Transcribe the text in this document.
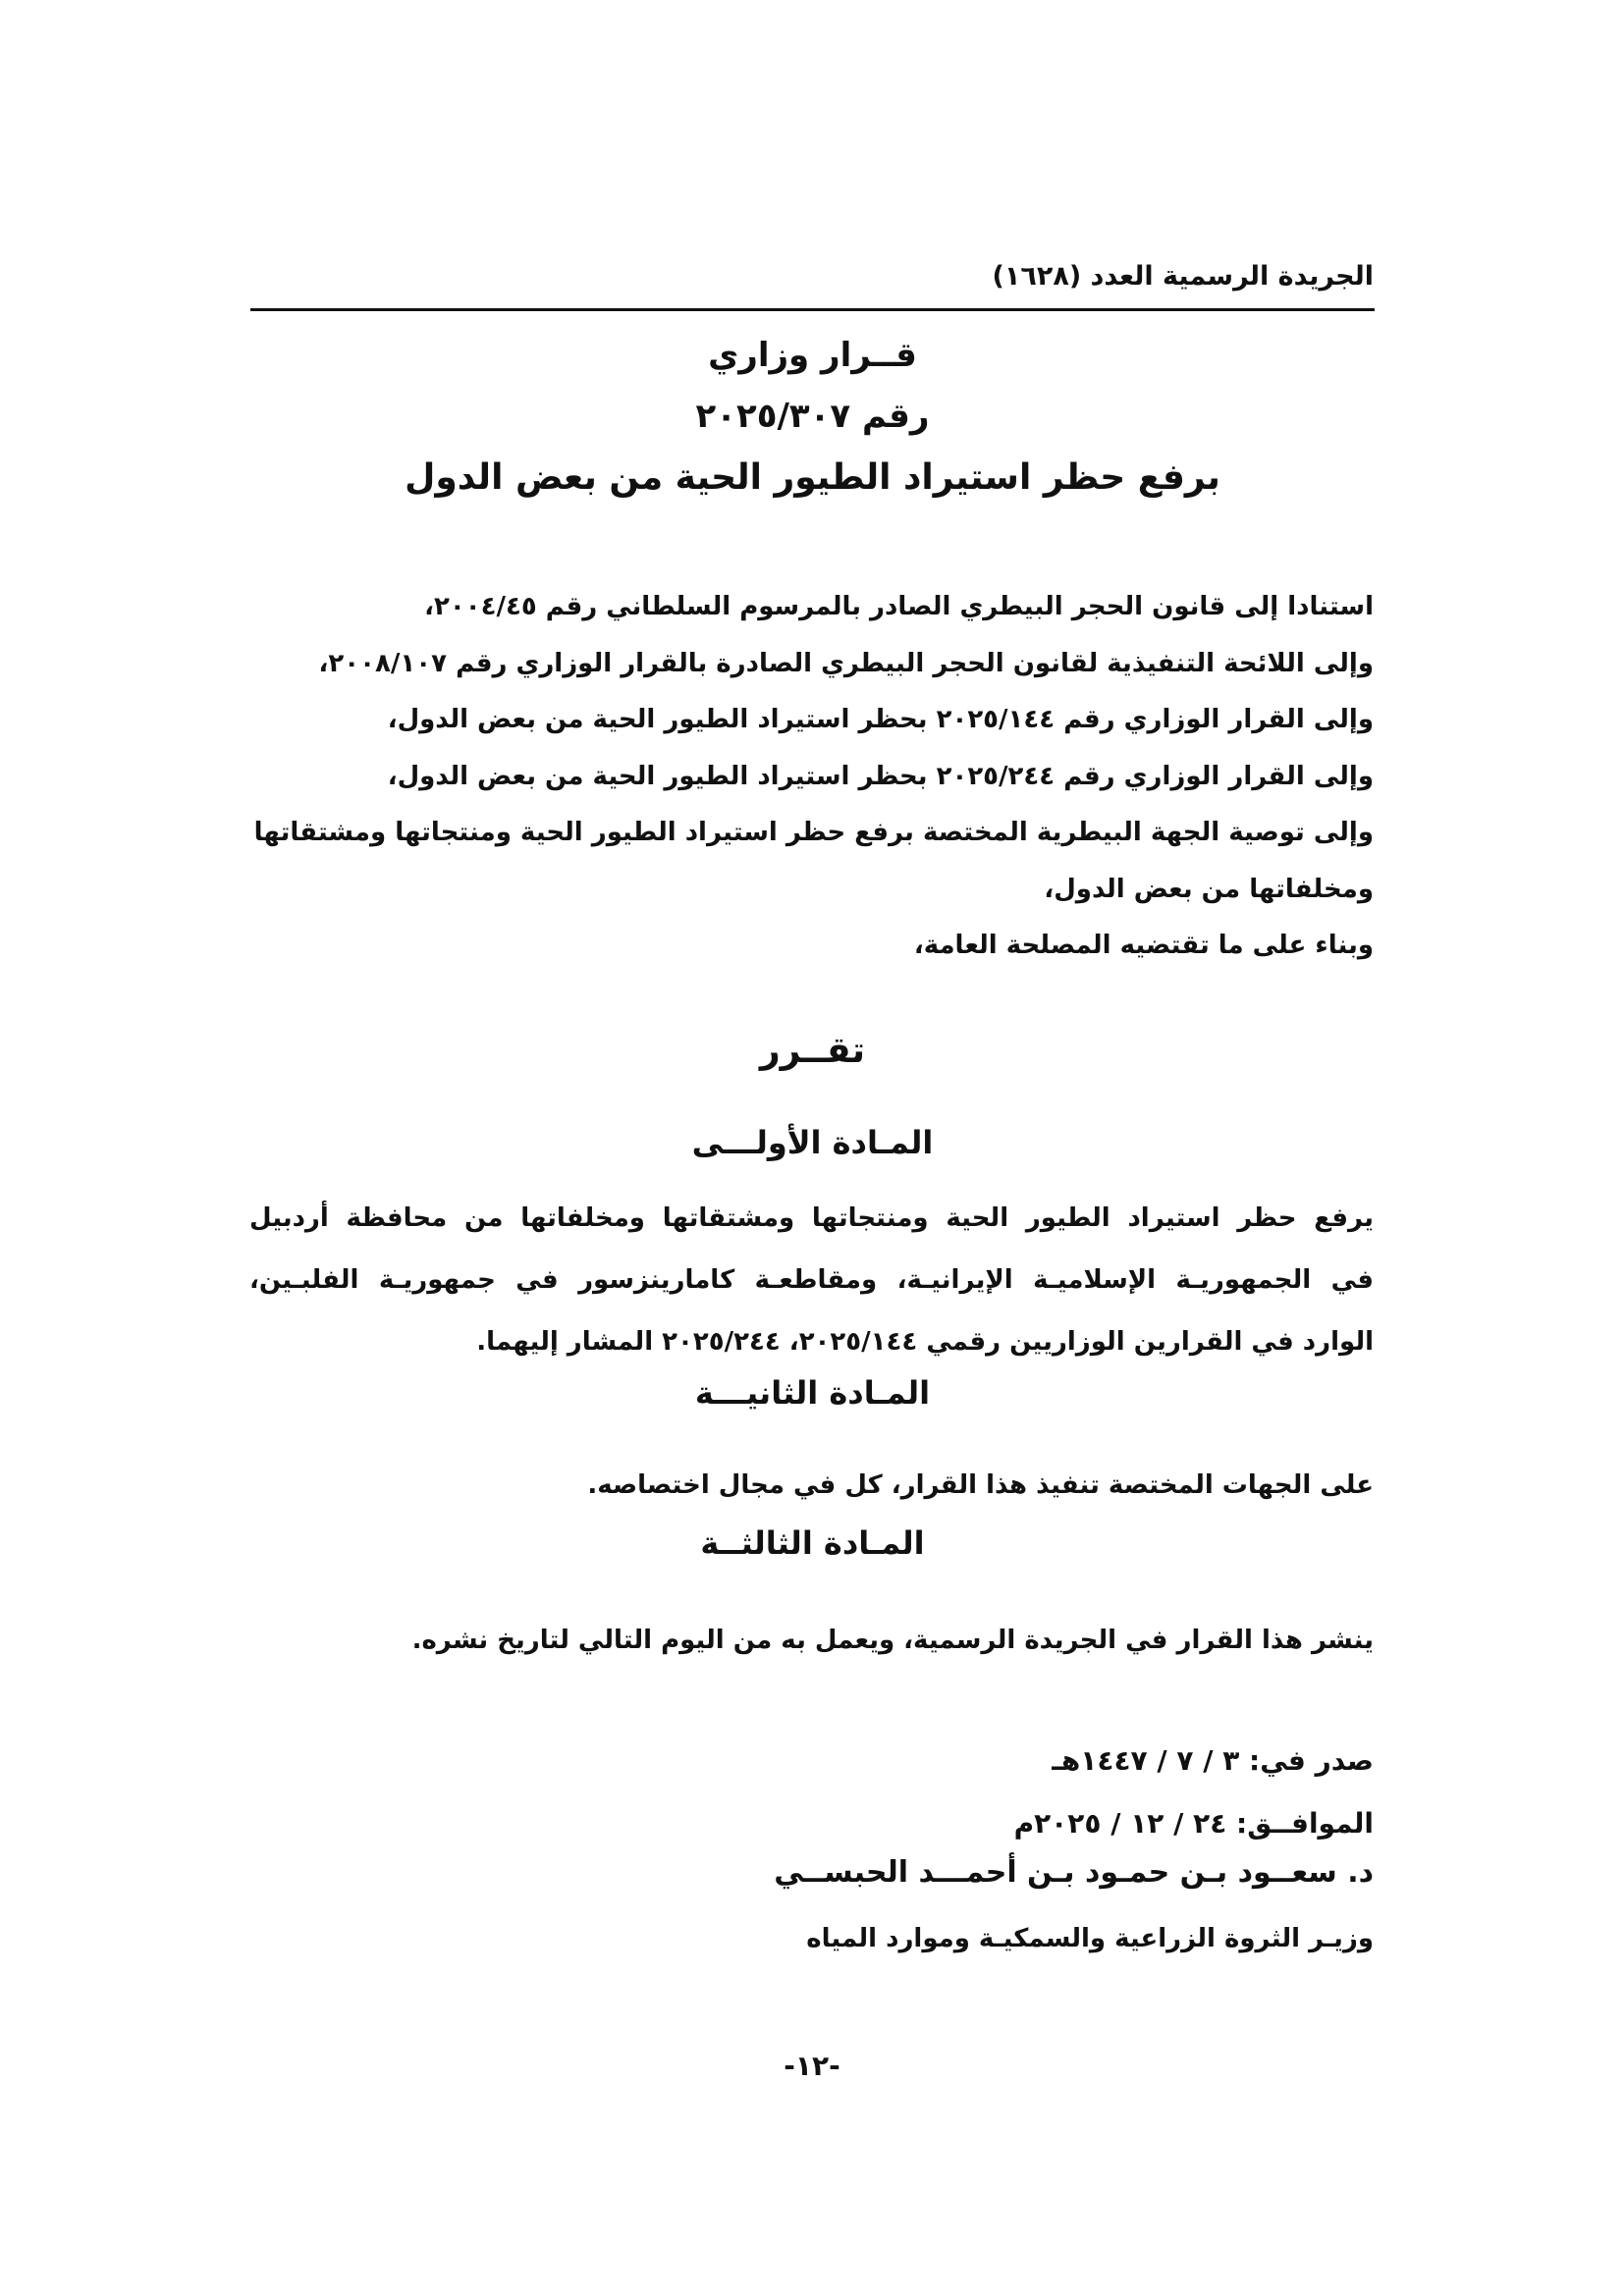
الجريدة الرسمية العدد (١٦٢٨)
قــرار وزاري
رقم ٢٠٢٥/٣٠٧
برفع حظر استيراد الطيور الحية من بعض الدول
استنادا إلى قانون الحجر البيطري الصادر بالمرسوم السلطاني رقم ٢٠٠٤/٤٥،
وإلى اللائحة التنفيذية لقانون الحجر البيطري الصادرة بالقرار الوزاري رقم ٢٠٠٨/١٠٧،
وإلى القرار الوزاري رقم ٢٠٢٥/١٤٤ بحظر استيراد الطيور الحية من بعض الدول،
وإلى القرار الوزاري رقم ٢٠٢٥/٢٤٤ بحظر استيراد الطيور الحية من بعض الدول،
وإلى توصية الجهة البيطرية المختصة برفع حظر استيراد الطيور الحية ومنتجاتها ومشتقاتها
ومخلفاتها من بعض الدول،
وبناء على ما تقتضيه المصلحة العامة،
تقــرر
المـادة الأولـــى
يرفع حظر استيراد الطيور الحية ومنتجاتها ومشتقاتها ومخلفاتها من محافظة أردبيل
في الجمهوريـة الإسلاميـة الإيرانيـة، ومقاطعـة كامارينزسور في جمهوريـة الفلبـين،
الوارد في القرارين الوزاريين رقمي ٢٠٢٥/١٤٤، ٢٠٢٥/٢٤٤ المشار إليهما.
المـادة الثانيـــة
على الجهات المختصة تنفيذ هذا القرار، كل في مجال اختصاصه.
المـادة الثالثــة
ينشر هذا القرار في الجريدة الرسمية، ويعمل به من اليوم التالي لتاريخ نشره.
صدر في: ٣ / ٧ / ١٤٤٧هـ
الموافــق: ٢٤ / ١٢ / ٢٠٢٥م
د. سعــود بـن حمـود بـن أحمـــد الحبســي
وزيـر الثروة الزراعية والسمكيـة وموارد المياه
-١٢-
